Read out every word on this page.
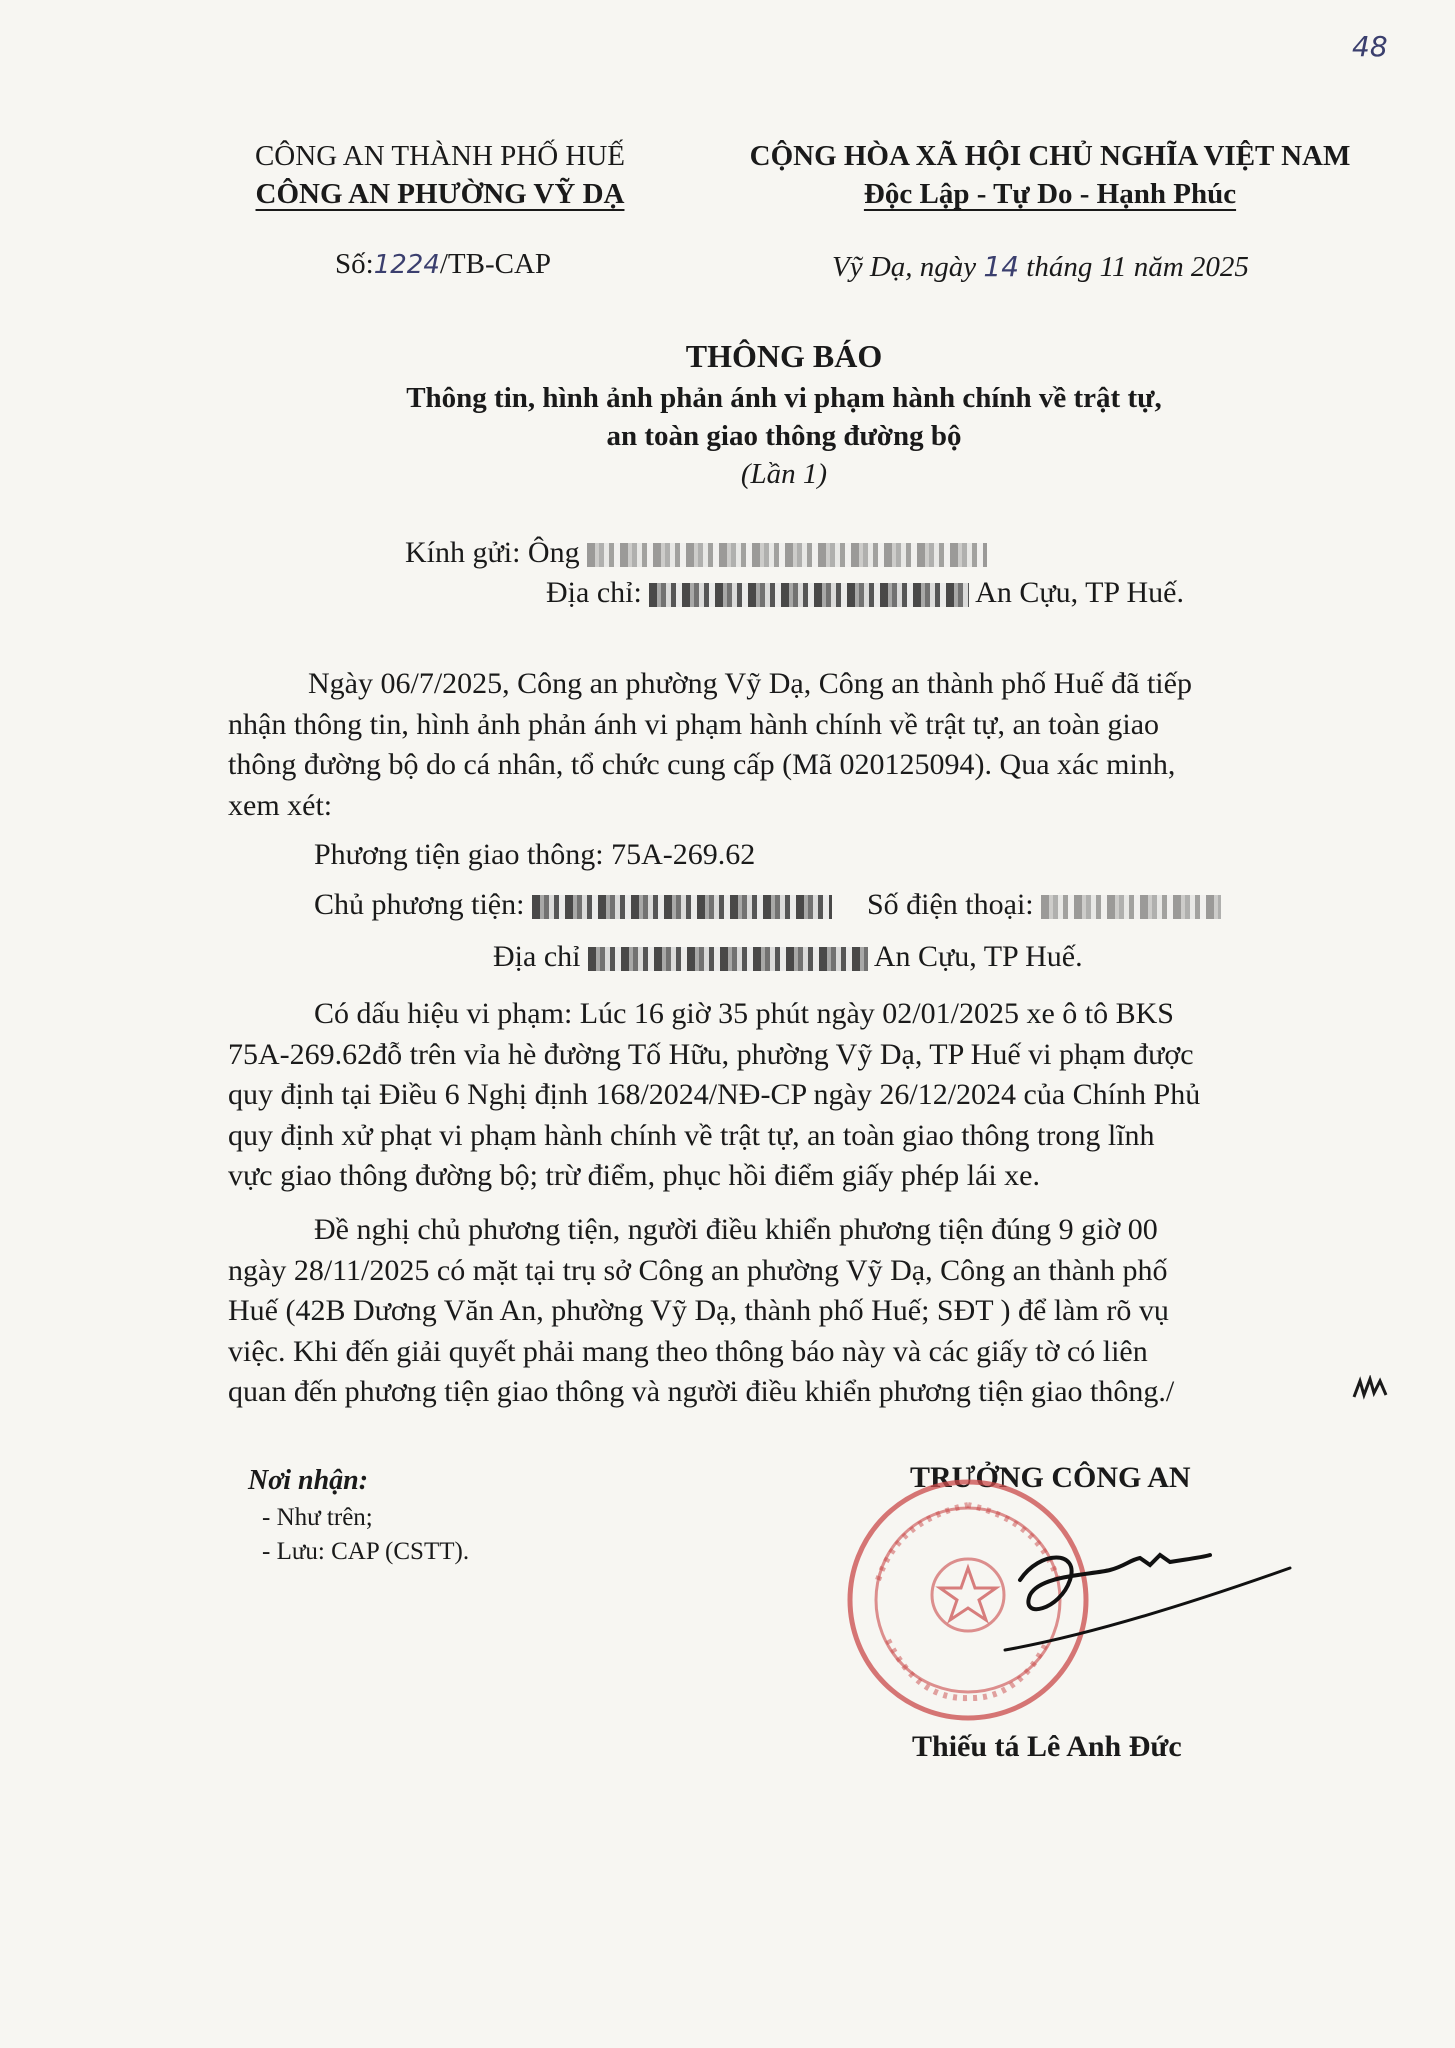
48
CÔNG AN THÀNH PHỐ HUẾ
CÔNG AN PHƯỜNG VỸ DẠ
CỘNG HÒA XÃ HỘI CHỦ NGHĨA VIỆT NAM
Độc Lập - Tự Do - Hạnh Phúc
Số:1224/TB-CAP	Vỹ Dạ, ngày 14 tháng 11 năm 2025
THÔNG BÁO
Thông tin, hình ảnh phản ánh vi phạm hành chính về trật tự,
an toàn giao thông đường bộ
(Lần 1)
Kính gửi: Ông
Địa chỉ:	An Cựu, TP Huế.
Ngày 06/7/2025, Công an phường Vỹ Dạ, Công an thành phố Huế đã tiếp
nhận thông tin, hình ảnh phản ánh vi phạm hành chính về trật tự, an toàn giao
thông đường bộ do cá nhân, tổ chức cung cấp (Mã 020125094). Qua xác minh,
xem xét:
Phương tiện giao thông: 75A-269.62
Chủ phương tiện:	Số điện thoại:
Địa chỉ	An Cựu, TP Huế.
Có dấu hiệu vi phạm: Lúc 16 giờ 35 phút ngày 02/01/2025 xe ô tô BKS
75A-269.62đỗ trên vỉa hè đường Tố Hữu, phường Vỹ Dạ, TP Huế vi phạm được
quy định tại Điều 6 Nghị định 168/2024/NĐ-CP ngày 26/12/2024 của Chính Phủ
quy định xử phạt vi phạm hành chính về trật tự, an toàn giao thông trong lĩnh
vực giao thông đường bộ; trừ điểm, phục hồi điểm giấy phép lái xe.
Đề nghị chủ phương tiện, người điều khiển phương tiện đúng 9 giờ 00
ngày 28/11/2025 có mặt tại trụ sở Công an phường Vỹ Dạ, Công an thành phố
Huế (42B Dương Văn An, phường Vỹ Dạ, thành phố Huế; SĐT ) để làm rõ vụ
việc. Khi đến giải quyết phải mang theo thông báo này và các giấy tờ có liên
quan đến phương tiện giao thông và người điều khiển phương tiện giao thông./
Nơi nhận:
- Như trên;
- Lưu: CAP (CSTT).
TRƯỞNG CÔNG AN
Thiếu tá Lê Anh Đức
